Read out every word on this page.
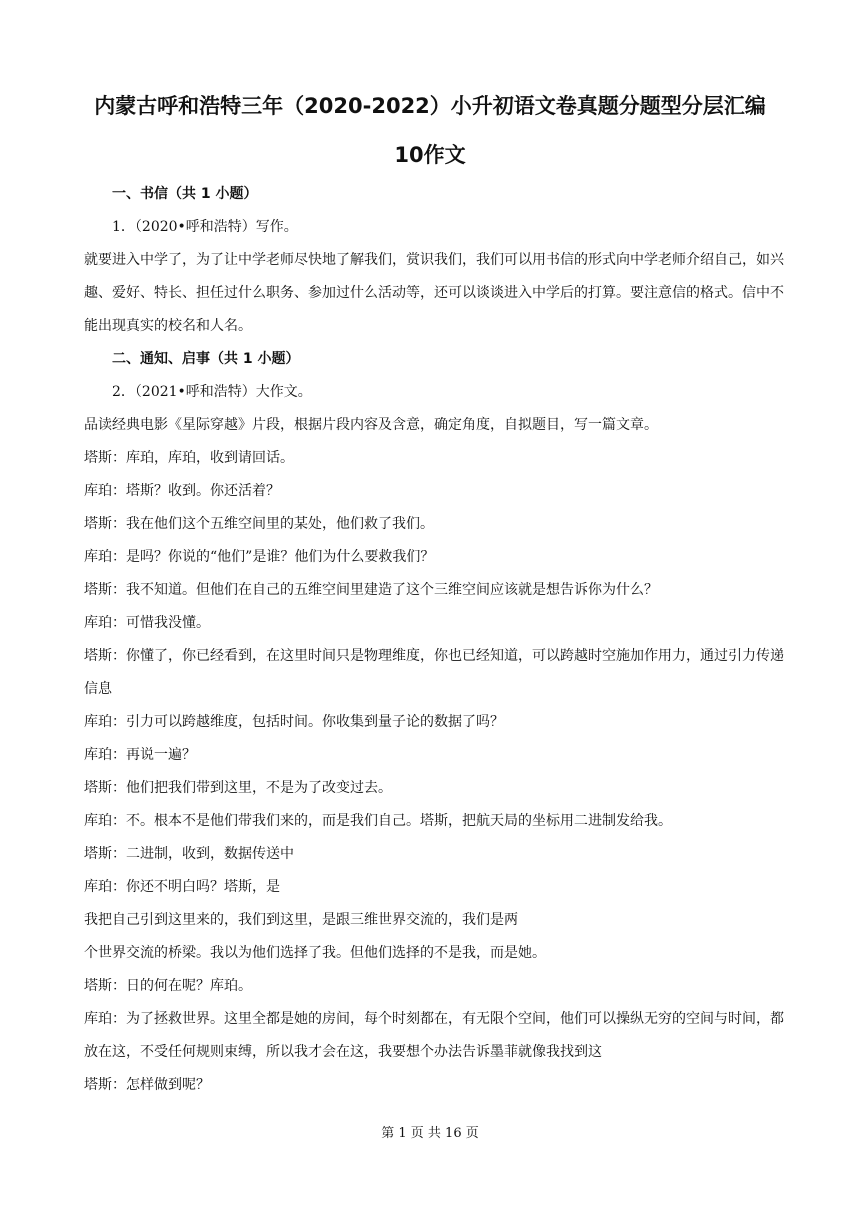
内蒙古呼和浩特三年（2020-2022）小升初语文卷真题分题型分层汇编
10作文

一、书信（共 1 小题）

1．（2020•呼和浩特）写作。

就要进入中学了，为了让中学老师尽快地了解我们，赏识我们，我们可以用书信的形式向中学老师介绍自己，如兴趣、爱好、特长、担任过什么职务、参加过什么活动等，还可以谈谈进入中学后的打算。要注意信的格式。信中不能出现真实的校名和人名。

二、通知、启事（共 1 小题）

2．（2021•呼和浩特）大作文。

品读经典电影《星际穿越》片段，根据片段内容及含意，确定角度，自拟题目，写一篇文章。

塔斯：库珀，库珀，收到请回话。

库珀：塔斯？收到。你还活着？

塔斯：我在他们这个五维空间里的某处，他们救了我们。

库珀：是吗？你说的“他们”是谁？他们为什么要救我们？

塔斯：我不知道。但他们在自己的五维空间里建造了这个三维空间应该就是想告诉你为什么？

库珀：可惜我没懂。

塔斯：你懂了，你已经看到，在这里时间只是物理维度，你也已经知道，可以跨越时空施加作用力，通过引力传递信息

库珀：引力可以跨越维度，包括时间。你收集到量子论的数据了吗？

库珀：再说一遍？

塔斯：他们把我们带到这里，不是为了改变过去。

库珀：不。根本不是他们带我们来的，而是我们自己。塔斯，把航天局的坐标用二进制发给我。

塔斯：二进制，收到，数据传送中

库珀：你还不明白吗？塔斯，是

我把自己引到这里来的，我们到这里，是跟三维世界交流的，我们是两

个世界交流的桥梁。我以为他们选择了我。但他们选择的不是我，而是她。

塔斯：日的何在呢？库珀。

库珀：为了拯救世界。这里全都是她的房间，每个时刻都在，有无限个空间，他们可以操纵无穷的空间与时间，都放在这，不受任何规则束缚，所以我才会在这，我要想个办法告诉墨菲就像我找到这

塔斯：怎样做到呢？

第 1 页 共 16 页
